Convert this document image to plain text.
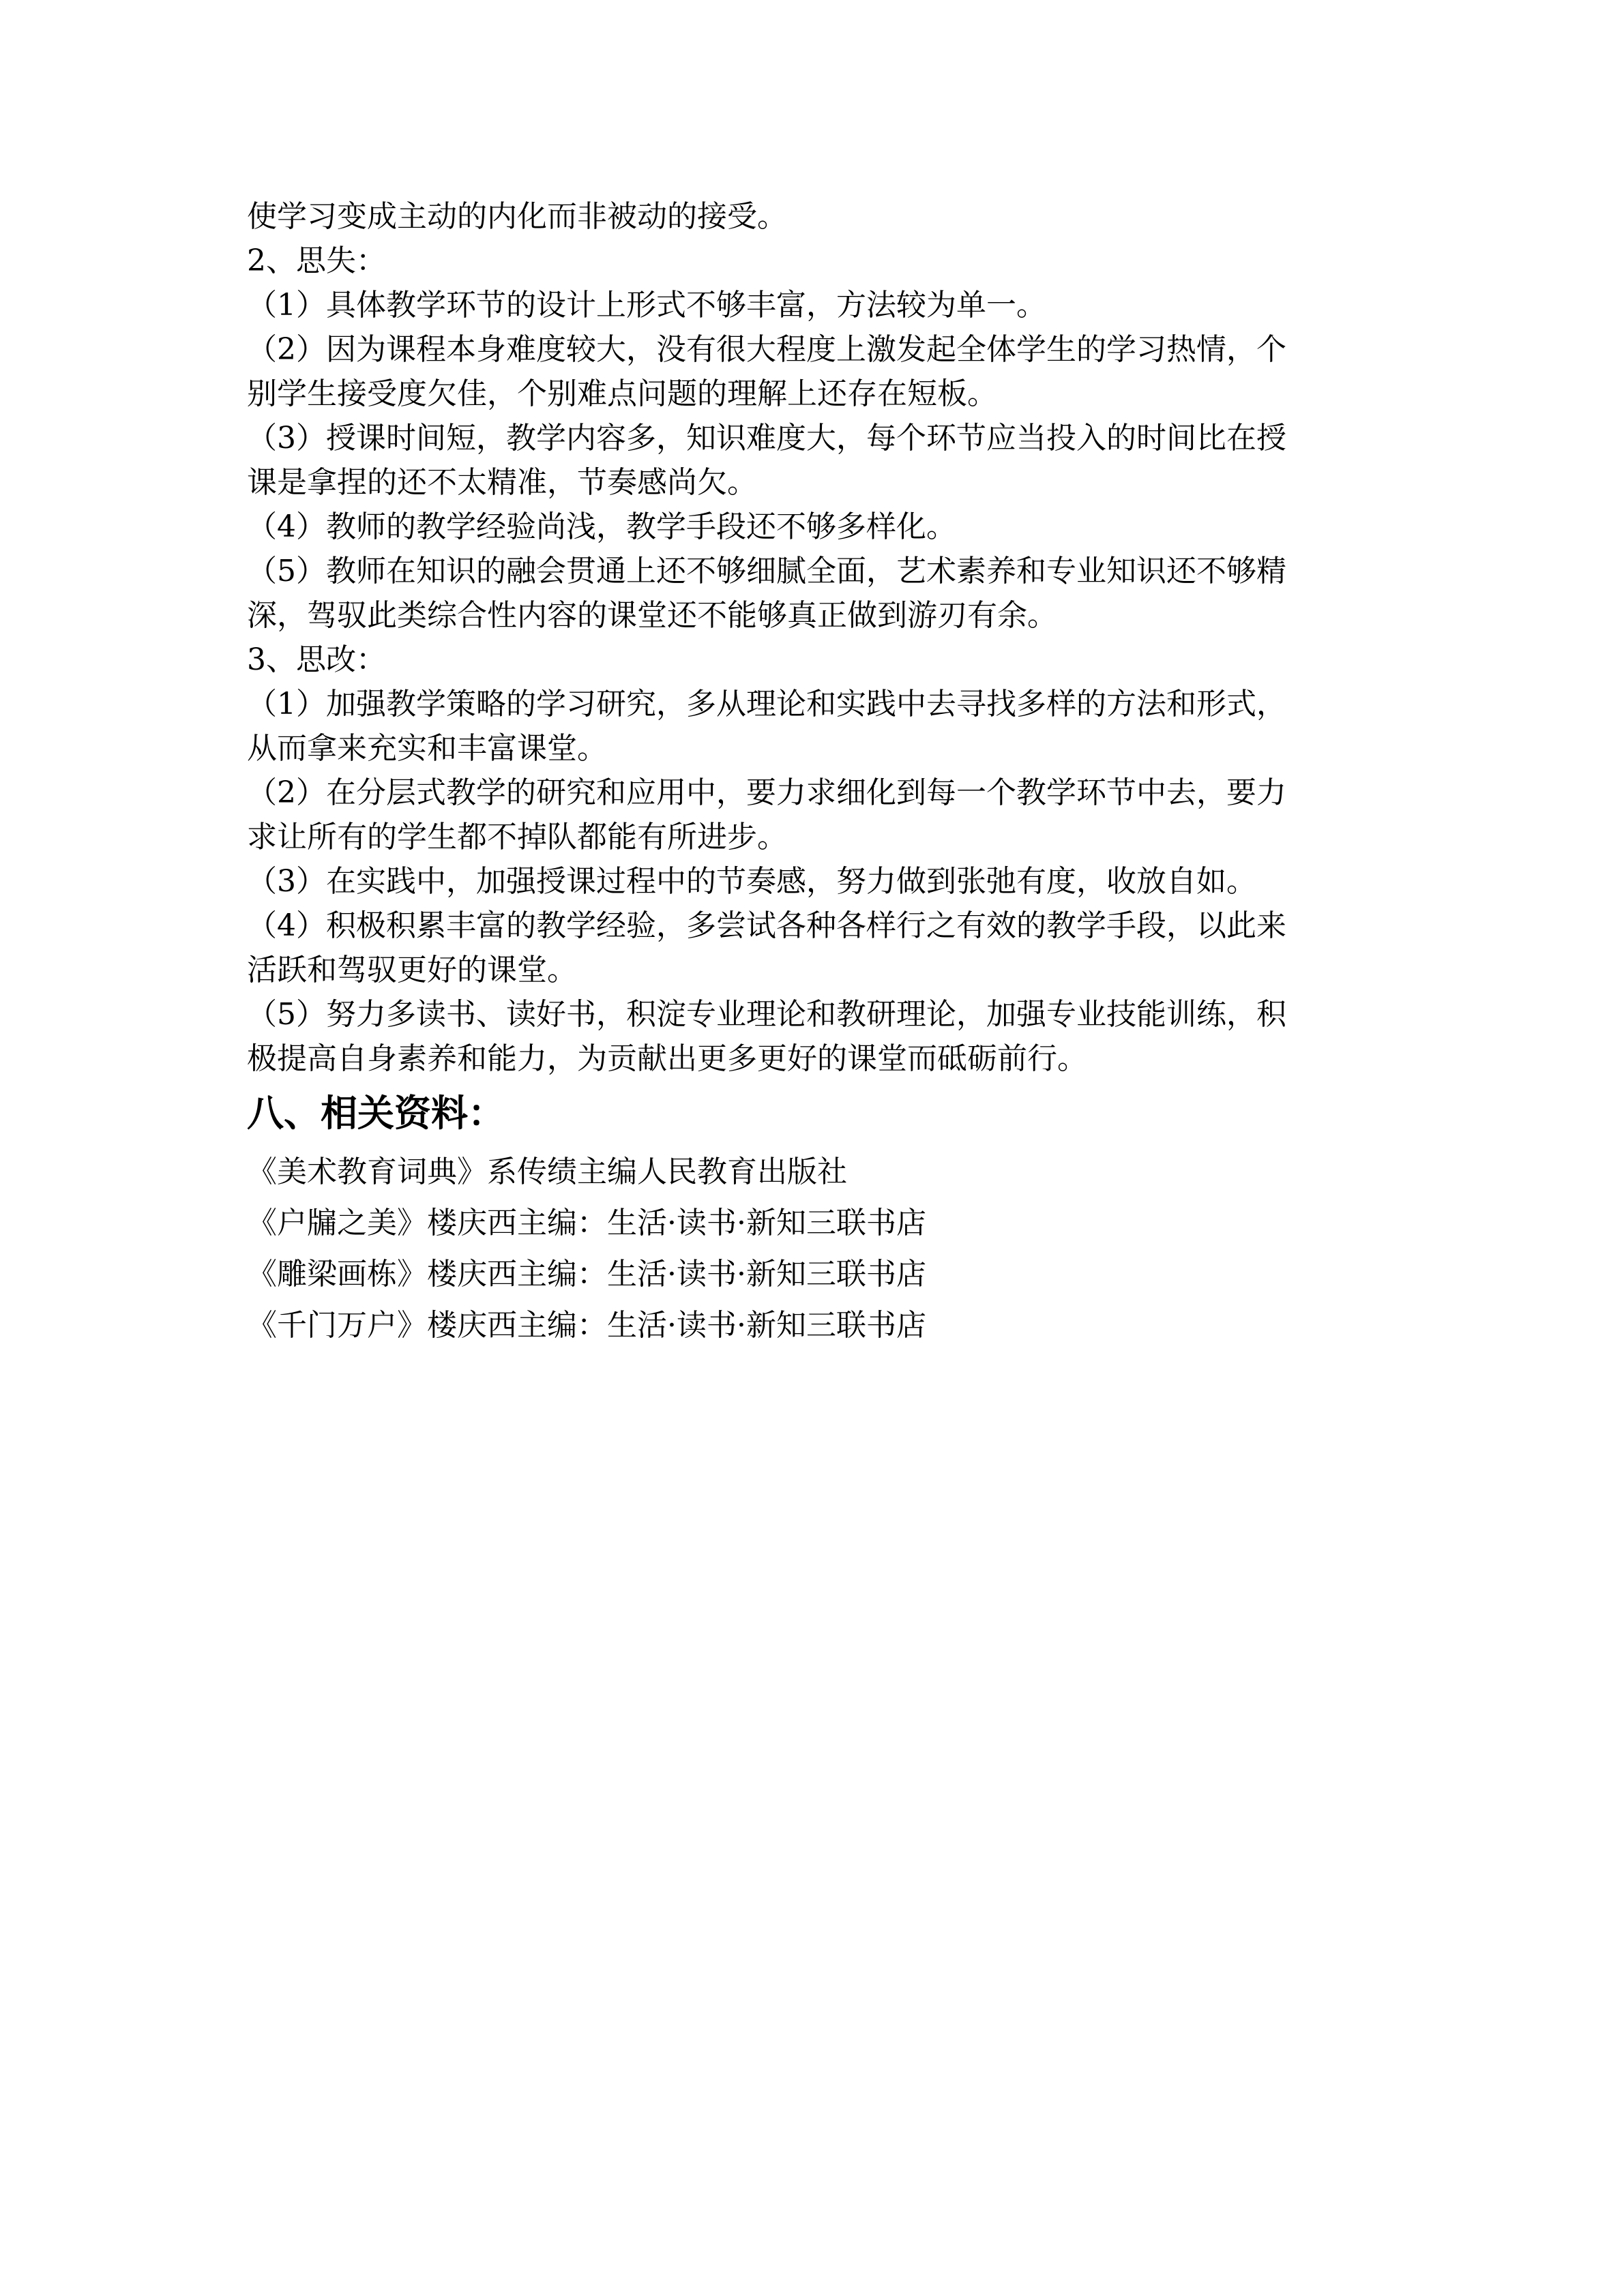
使学习变成主动的内化而非被动的接受。

2、思失：

（1）具体教学环节的设计上形式不够丰富，方法较为单一。

（2）因为课程本身难度较大，没有很大程度上激发起全体学生的学习热情，个

别学生接受度欠佳，个别难点问题的理解上还存在短板。

（3）授课时间短，教学内容多，知识难度大，每个环节应当投入的时间比在授

课是拿捏的还不太精准，节奏感尚欠。

（4）教师的教学经验尚浅，教学手段还不够多样化。

（5）教师在知识的融会贯通上还不够细腻全面，艺术素养和专业知识还不够精

深，驾驭此类综合性内容的课堂还不能够真正做到游刃有余。

3、思改：

（1）加强教学策略的学习研究，多从理论和实践中去寻找多样的方法和形式，

从而拿来充实和丰富课堂。

（2）在分层式教学的研究和应用中，要力求细化到每一个教学环节中去，要力

求让所有的学生都不掉队都能有所进步。

（3）在实践中，加强授课过程中的节奏感，努力做到张弛有度，收放自如。

（4）积极积累丰富的教学经验，多尝试各种各样行之有效的教学手段，以此来

活跃和驾驭更好的课堂。

（5）努力多读书、读好书，积淀专业理论和教研理论，加强专业技能训练，积

极提高自身素养和能力，为贡献出更多更好的课堂而砥砺前行。

八、相关资料：

《美术教育词典》系传绩主编人民教育出版社

《户牖之美》楼庆西主编：生活·读书·新知三联书店

《雕梁画栋》楼庆西主编：生活·读书·新知三联书店

《千门万户》楼庆西主编：生活·读书·新知三联书店
